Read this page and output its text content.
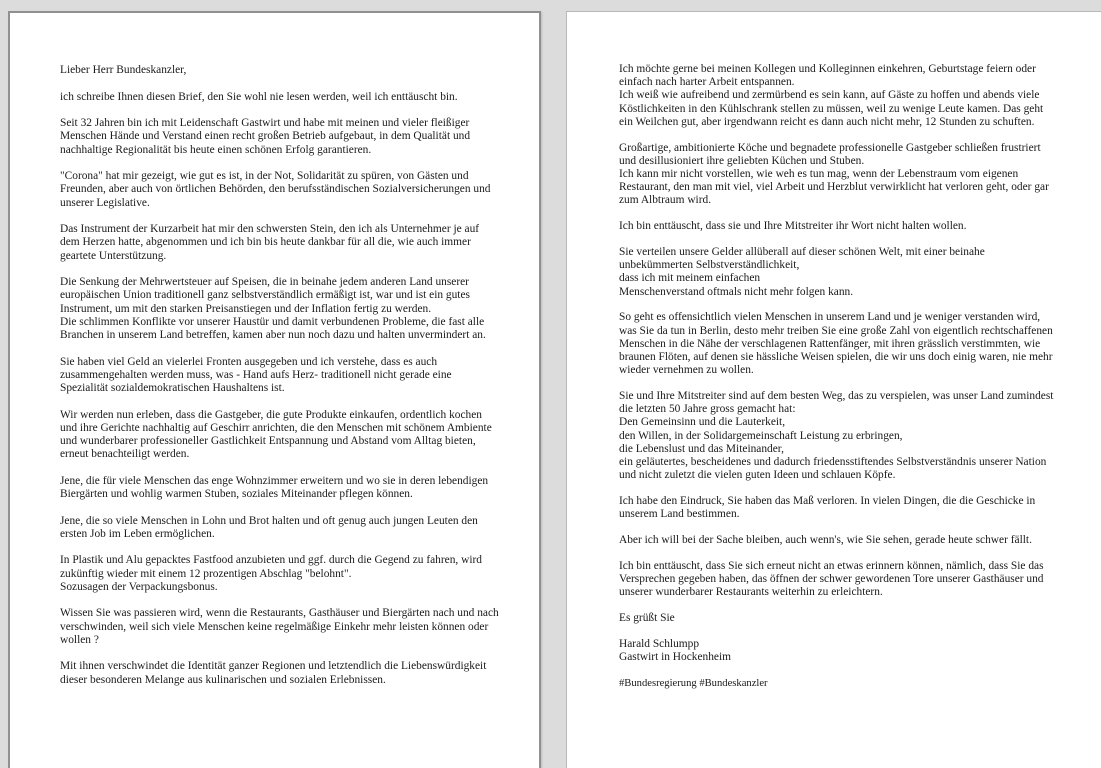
Lieber Herr Bundeskanzler,

ich schreibe Ihnen diesen Brief, den Sie wohl nie lesen werden, weil ich enttäuscht bin.

Seit 32 Jahren bin ich mit Leidenschaft Gastwirt und habe mit meinen und vieler fleißiger Menschen Hände und Verstand einen recht großen Betrieb aufgebaut, in dem Qualität und nachhaltige Regionalität bis heute einen schönen Erfolg garantieren.

"Corona" hat mir gezeigt, wie gut es ist, in der Not, Solidarität zu spüren, von Gästen und Freunden, aber auch von örtlichen Behörden, den berufsständischen Sozialversicherungen und unserer Legislative.

Das Instrument der Kurzarbeit hat mir den schwersten Stein, den ich als Unternehmer je auf dem Herzen hatte, abgenommen und ich bin bis heute dankbar für all die, wie auch immer geartete Unterstützung.

Die Senkung der Mehrwertsteuer auf Speisen, die in beinahe jedem anderen Land unserer europäischen Union traditionell ganz selbstverständlich ermäßigt ist, war und ist ein gutes Instrument, um mit den starken Preisanstiegen und der Inflation fertig zu werden.
Die schlimmen Konflikte vor unserer Haustür und damit verbundenen Probleme, die fast alle Branchen in unserem Land betreffen, kamen aber nun noch dazu und halten unvermindert an.

Sie haben viel Geld an vielerlei Fronten ausgegeben und ich verstehe, dass es auch zusammengehalten werden muss, was - Hand aufs Herz- traditionell nicht gerade eine Spezialität sozialdemokratischen Haushaltens ist.

Wir werden nun erleben, dass die Gastgeber, die gute Produkte einkaufen, ordentlich kochen und ihre Gerichte nachhaltig auf Geschirr anrichten, die den Menschen mit schönem Ambiente und wunderbarer professioneller Gastlichkeit Entspannung und Abstand vom Alltag bieten, erneut benachteiligt werden.

Jene, die für viele Menschen das enge Wohnzimmer erweitern und wo sie in deren lebendigen Biergärten und wohlig warmen Stuben, soziales Miteinander pflegen können.

Jene, die so viele Menschen in Lohn und Brot halten und oft genug auch jungen Leuten den ersten Job im Leben ermöglichen.

In Plastik und Alu gepacktes Fastfood anzubieten und ggf. durch die Gegend zu fahren, wird zukünftig wieder mit einem 12 prozentigen Abschlag "belohnt".
Sozusagen der Verpackungsbonus.

Wissen Sie was passieren wird, wenn die Restaurants, Gasthäuser und Biergärten nach und nach verschwinden, weil sich viele Menschen keine regelmäßige Einkehr mehr leisten können oder wollen ?

Mit ihnen verschwindet die Identität ganzer Regionen und letztendlich die Liebenswürdigkeit dieser besonderen Melange aus kulinarischen und sozialen Erlebnissen.

Ich möchte gerne bei meinen Kollegen und Kolleginnen einkehren, Geburtstage feiern oder einfach nach harter Arbeit entspannen.
Ich weiß wie aufreibend und zermürbend es sein kann, auf Gäste zu hoffen und abends viele Köstlichkeiten in den Kühlschrank stellen zu müssen, weil zu wenige Leute kamen. Das geht ein Weilchen gut, aber irgendwann reicht es dann auch nicht mehr, 12 Stunden zu schuften.

Großartige, ambitionierte Köche und begnadete professionelle Gastgeber schließen frustriert und desillusioniert ihre geliebten Küchen und Stuben.
Ich kann mir nicht vorstellen, wie weh es tun mag, wenn der Lebenstraum vom eigenen Restaurant, den man mit viel, viel Arbeit und Herzblut verwirklicht hat verloren geht, oder gar zum Albtraum wird.

Ich bin enttäuscht, dass sie und Ihre Mitstreiter ihr Wort nicht halten wollen.

Sie verteilen unsere Gelder allüberall auf dieser schönen Welt, mit einer beinahe unbekümmerten Selbstverständlichkeit,
dass ich mit meinem einfachen
Menschenverstand oftmals nicht mehr folgen kann.

So geht es offensichtlich vielen Menschen in unserem Land und je weniger verstanden wird, was Sie da tun in Berlin, desto mehr treiben Sie eine große Zahl von eigentlich rechtschaffenen Menschen in die Nähe der verschlagenen Rattenfänger, mit ihren grässlich verstimmten, wie braunen Flöten, auf denen sie hässliche Weisen spielen, die wir uns doch einig waren, nie mehr wieder vernehmen zu wollen.

Sie und Ihre Mitstreiter sind auf dem besten Weg, das zu verspielen, was unser Land zumindest die letzten 50 Jahre gross gemacht hat:
Den Gemeinsinn und die Lauterkeit,
den Willen, in der Solidargemeinschaft Leistung zu erbringen,
die Lebenslust und das Miteinander,
ein geläutertes, bescheidenes und dadurch friedensstiftendes Selbstverständnis unserer Nation und nicht zuletzt die vielen guten Ideen und schlauen Köpfe.

Ich habe den Eindruck, Sie haben das Maß verloren. In vielen Dingen, die die Geschicke in unserem Land bestimmen.

Aber ich will bei der Sache bleiben, auch wenn's, wie Sie sehen, gerade heute schwer fällt.

Ich bin enttäuscht, dass Sie sich erneut nicht an etwas erinnern können, nämlich, dass Sie das Versprechen gegeben haben, das öffnen der schwer gewordenen Tore unserer Gasthäuser und unserer wunderbarer Restaurants weiterhin zu erleichtern.

Es grüßt Sie

Harald Schlumpp
Gastwirt in Hockenheim

#Bundesregierung #Bundeskanzler
